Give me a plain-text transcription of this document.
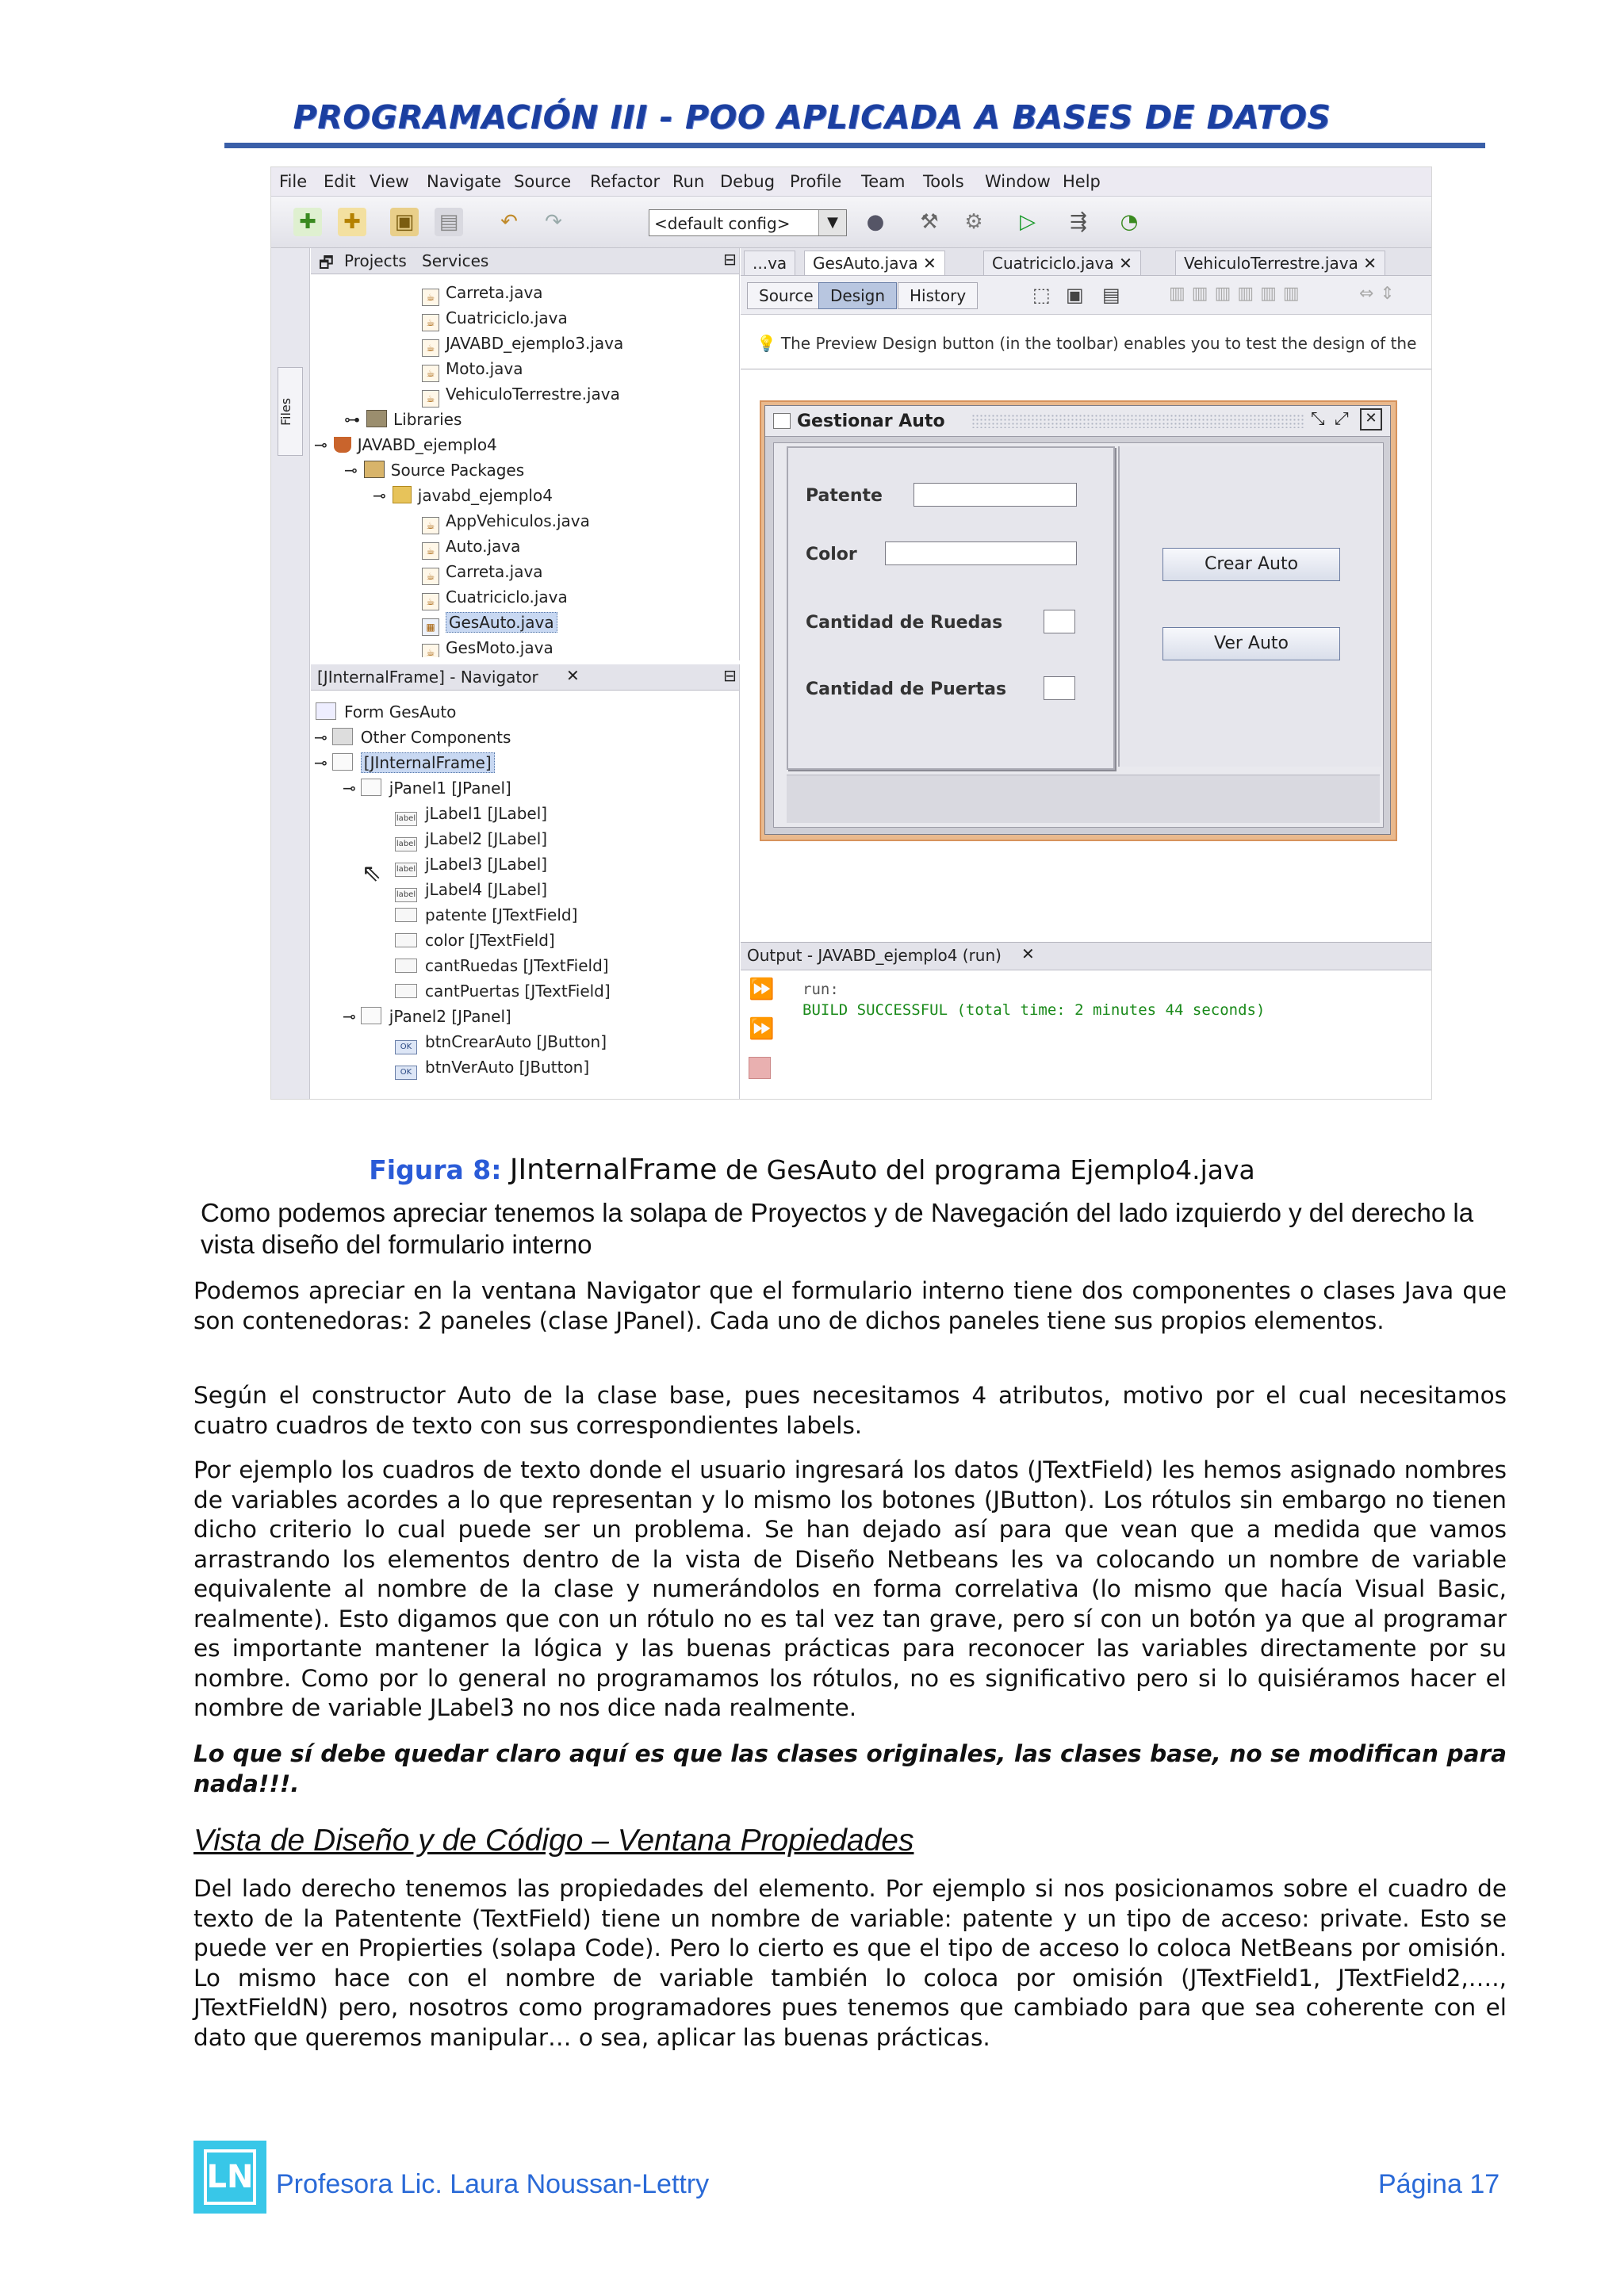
PROGRAMACIÓN III - POO APLICADA A BASES DE DATOS
File Edit View Navigate Source Refactor Run Debug Profile Team Tools Window Help
✚ ✚ ▣ ▤ ↶ ↷	<default config>	▼	● ⚒ ⚙	▷	⇶ ◔
Files
🗗 Projects Services	⊟
☕ Carreta.java
☕ Cuatriciclo.java
☕ JAVABD_ejemplo3.java
☕ Moto.java
☕ VehiculoTerrestre.java
⊶ Libraries
⊸ JAVABD_ejemplo4
⊸ Source Packages
⊸ javabd_ejemplo4
☕ AppVehiculos.java
☕ Auto.java
☕ Carreta.java
☕ Cuatriciclo.java
▦ GesAuto.java
☕ GesMoto.java
[JInternalFrame] - Navigator ✕	⊟
Form GesAuto
⊸ Other Components
⊸ [JInternalFrame]
⊸ jPanel1 [JPanel]
label jLabel1 [JLabel]
label jLabel2 [JLabel]
label jLabel3 [JLabel]
label jLabel4 [JLabel]
patente [JTextField]
color [JTextField]
cantRuedas [JTextField]
cantPuertas [JTextField]
⊸ jPanel2 [JPanel]
OK btnCrearAuto [JButton]
OK btnVerAuto [JButton]
⇖
...va	GesAuto.java ✕	Cuatriciclo.java ✕	VehiculoTerrestre.java ✕
Source	Design	History	⬚ ▣ ▤	▥▥▥▥▥▥	⇔⇕
💡 The Preview Design button (in the toolbar) enables you to test the design of the
Gestionar Auto	⤡ ⤢	✕
Patente
Color
Cantidad de Ruedas
Cantidad de Puertas
Crear Auto
Ver Auto
Output - JAVABD_ejemplo4 (run) ✕
⏩
⏩
run:
BUILD SUCCESSFUL (total time: 2 minutes 44 seconds)
Figura 8: JInternalFrame de GesAuto del programa Ejemplo4.java
Como podemos apreciar tenemos la solapa de Proyectos y de Navegación del lado izquierdo y del derecho la vista diseño del formulario interno
Podemos apreciar en la ventana Navigator que el formulario interno tiene dos componentes o clases Java que son contenedoras: 2 paneles (clase JPanel). Cada uno de dichos paneles tiene sus propios elementos.
Según el constructor Auto de la clase base, pues necesitamos 4 atributos, motivo por el cual necesitamos cuatro cuadros de texto con sus correspondientes labels.
Por ejemplo los cuadros de texto donde el usuario ingresará los datos (JTextField) les hemos asignado nombres de variables acordes a lo que representan y lo mismo los botones (JButton). Los rótulos sin embargo no tienen dicho criterio lo cual puede ser un problema. Se han dejado así para que vean que a medida que vamos arrastrando los elementos dentro de la vista de Diseño Netbeans les va colocando un nombre de variable equivalente al nombre de la clase y numerándolos en forma correlativa (lo mismo que hacía Visual Basic, realmente). Esto digamos que con un rótulo no es tal vez tan grave, pero sí con un botón ya que al programar es importante mantener la lógica y las buenas prácticas para reconocer las variables directamente por su nombre. Como por lo general no programamos los rótulos, no es significativo pero si lo quisiéramos hacer el nombre de variable JLabel3 no nos dice nada realmente.
Lo que sí debe quedar claro aquí es que las clases originales, las clases base, no se modifican para nada!!!.
Vista de Diseño y de Código – Ventana Propiedades
Del lado derecho tenemos las propiedades del elemento. Por ejemplo si nos posicionamos sobre el cuadro de texto de la Patentente (TextField) tiene un nombre de variable: patente y un tipo de acceso: private. Esto se puede ver en Propierties (solapa Code). Pero lo cierto es que el tipo de acceso lo coloca NetBeans por omisión. Lo mismo hace con el nombre de variable también lo coloca por omisión (JTextField1, JTextField2,…., JTextFieldN) pero, nosotros como programadores pues tenemos que cambiado para que sea coherente con el dato que queremos manipular… o sea, aplicar las buenas prácticas.
LN Profesora Lic. Laura Noussan-Lettry	Página 17
